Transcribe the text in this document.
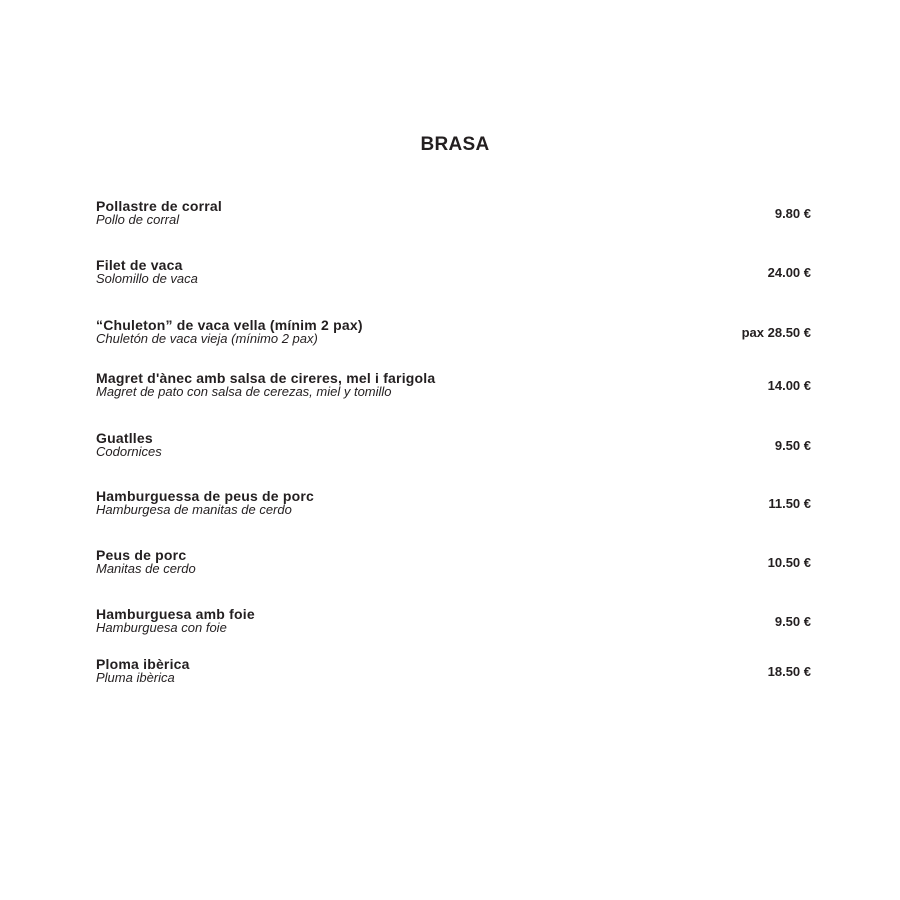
BRASA
Pollastre de corral
Pollo de corral	9.80 €
Filet de vaca
Solomillo de vaca	24.00 €
“Chuleton” de vaca vella (mínim 2 pax)
Chuletón de vaca vieja (mínimo 2 pax)	pax 28.50 €
Magret d'ànec amb salsa de cireres, mel i farigola
Magret de pato con salsa de cerezas, miel y tomillo	14.00 €
Guatlles
Codornices	9.50 €
Hamburguessa de peus de porc
Hamburgesa de manitas de cerdo	11.50 €
Peus de porc
Manitas de cerdo	10.50 €
Hamburguesa amb foie
Hamburguesa con foie	9.50 €
Ploma ibèrica
Pluma ibèrica	18.50 €
